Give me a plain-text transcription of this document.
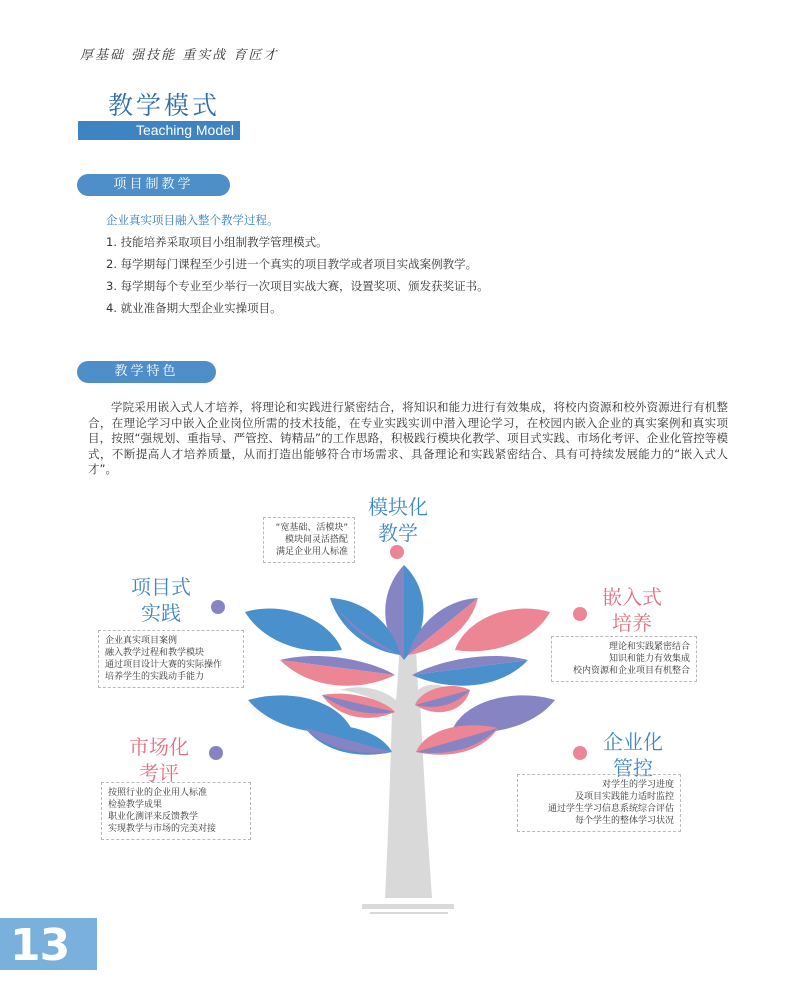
厚基础 强技能 重实战 育匠才
教学模式
Teaching Model
项目制教学
企业真实项目融入整个教学过程。
1. 技能培养采取项目小组制教学管理模式。
2. 每学期每门课程至少引进一个真实的项目教学或者项目实战案例教学。
3. 每学期每个专业至少举行一次项目实战大赛，设置奖项、颁发获奖证书。
4. 就业准备期大型企业实操项目。
教学特色
学院采用嵌入式人才培养，将理论和实践进行紧密结合，将知识和能力进行有效集成，将校内资源和校外资源进行有机整合，在理论学习中嵌入企业岗位所需的技术技能，在专业实践实训中潜入理论学习，在校园内嵌入企业的真实案例和真实项目，按照“强规划、重指导、严管控、铸精品”的工作思路，积极践行模块化教学、项目式实践、市场化考评、企业化管控等模式，不断提高人才培养质量，从而打造出能够符合市场需求、具备理论和实践紧密结合、具有可持续发展能力的“嵌入式人才”。
模块化
教学
“宽基础、活模块”
模块间灵活搭配
满足企业用人标准
项目式
实践
企业真实项目案例
融入教学过程和教学模块
通过项目设计大赛的实际操作
培养学生的实践动手能力
嵌入式
培养
理论和实践紧密结合
知识和能力有效集成
校内资源和企业项目有机整合
市场化
考评
按照行业的企业用人标准
检验教学成果
职业化测评来反馈教学
实现教学与市场的完美对接
企业化
管控
对学生的学习进度
及项目实践能力适时监控
通过学生学习信息系统综合评估
每个学生的整体学习状况
13
